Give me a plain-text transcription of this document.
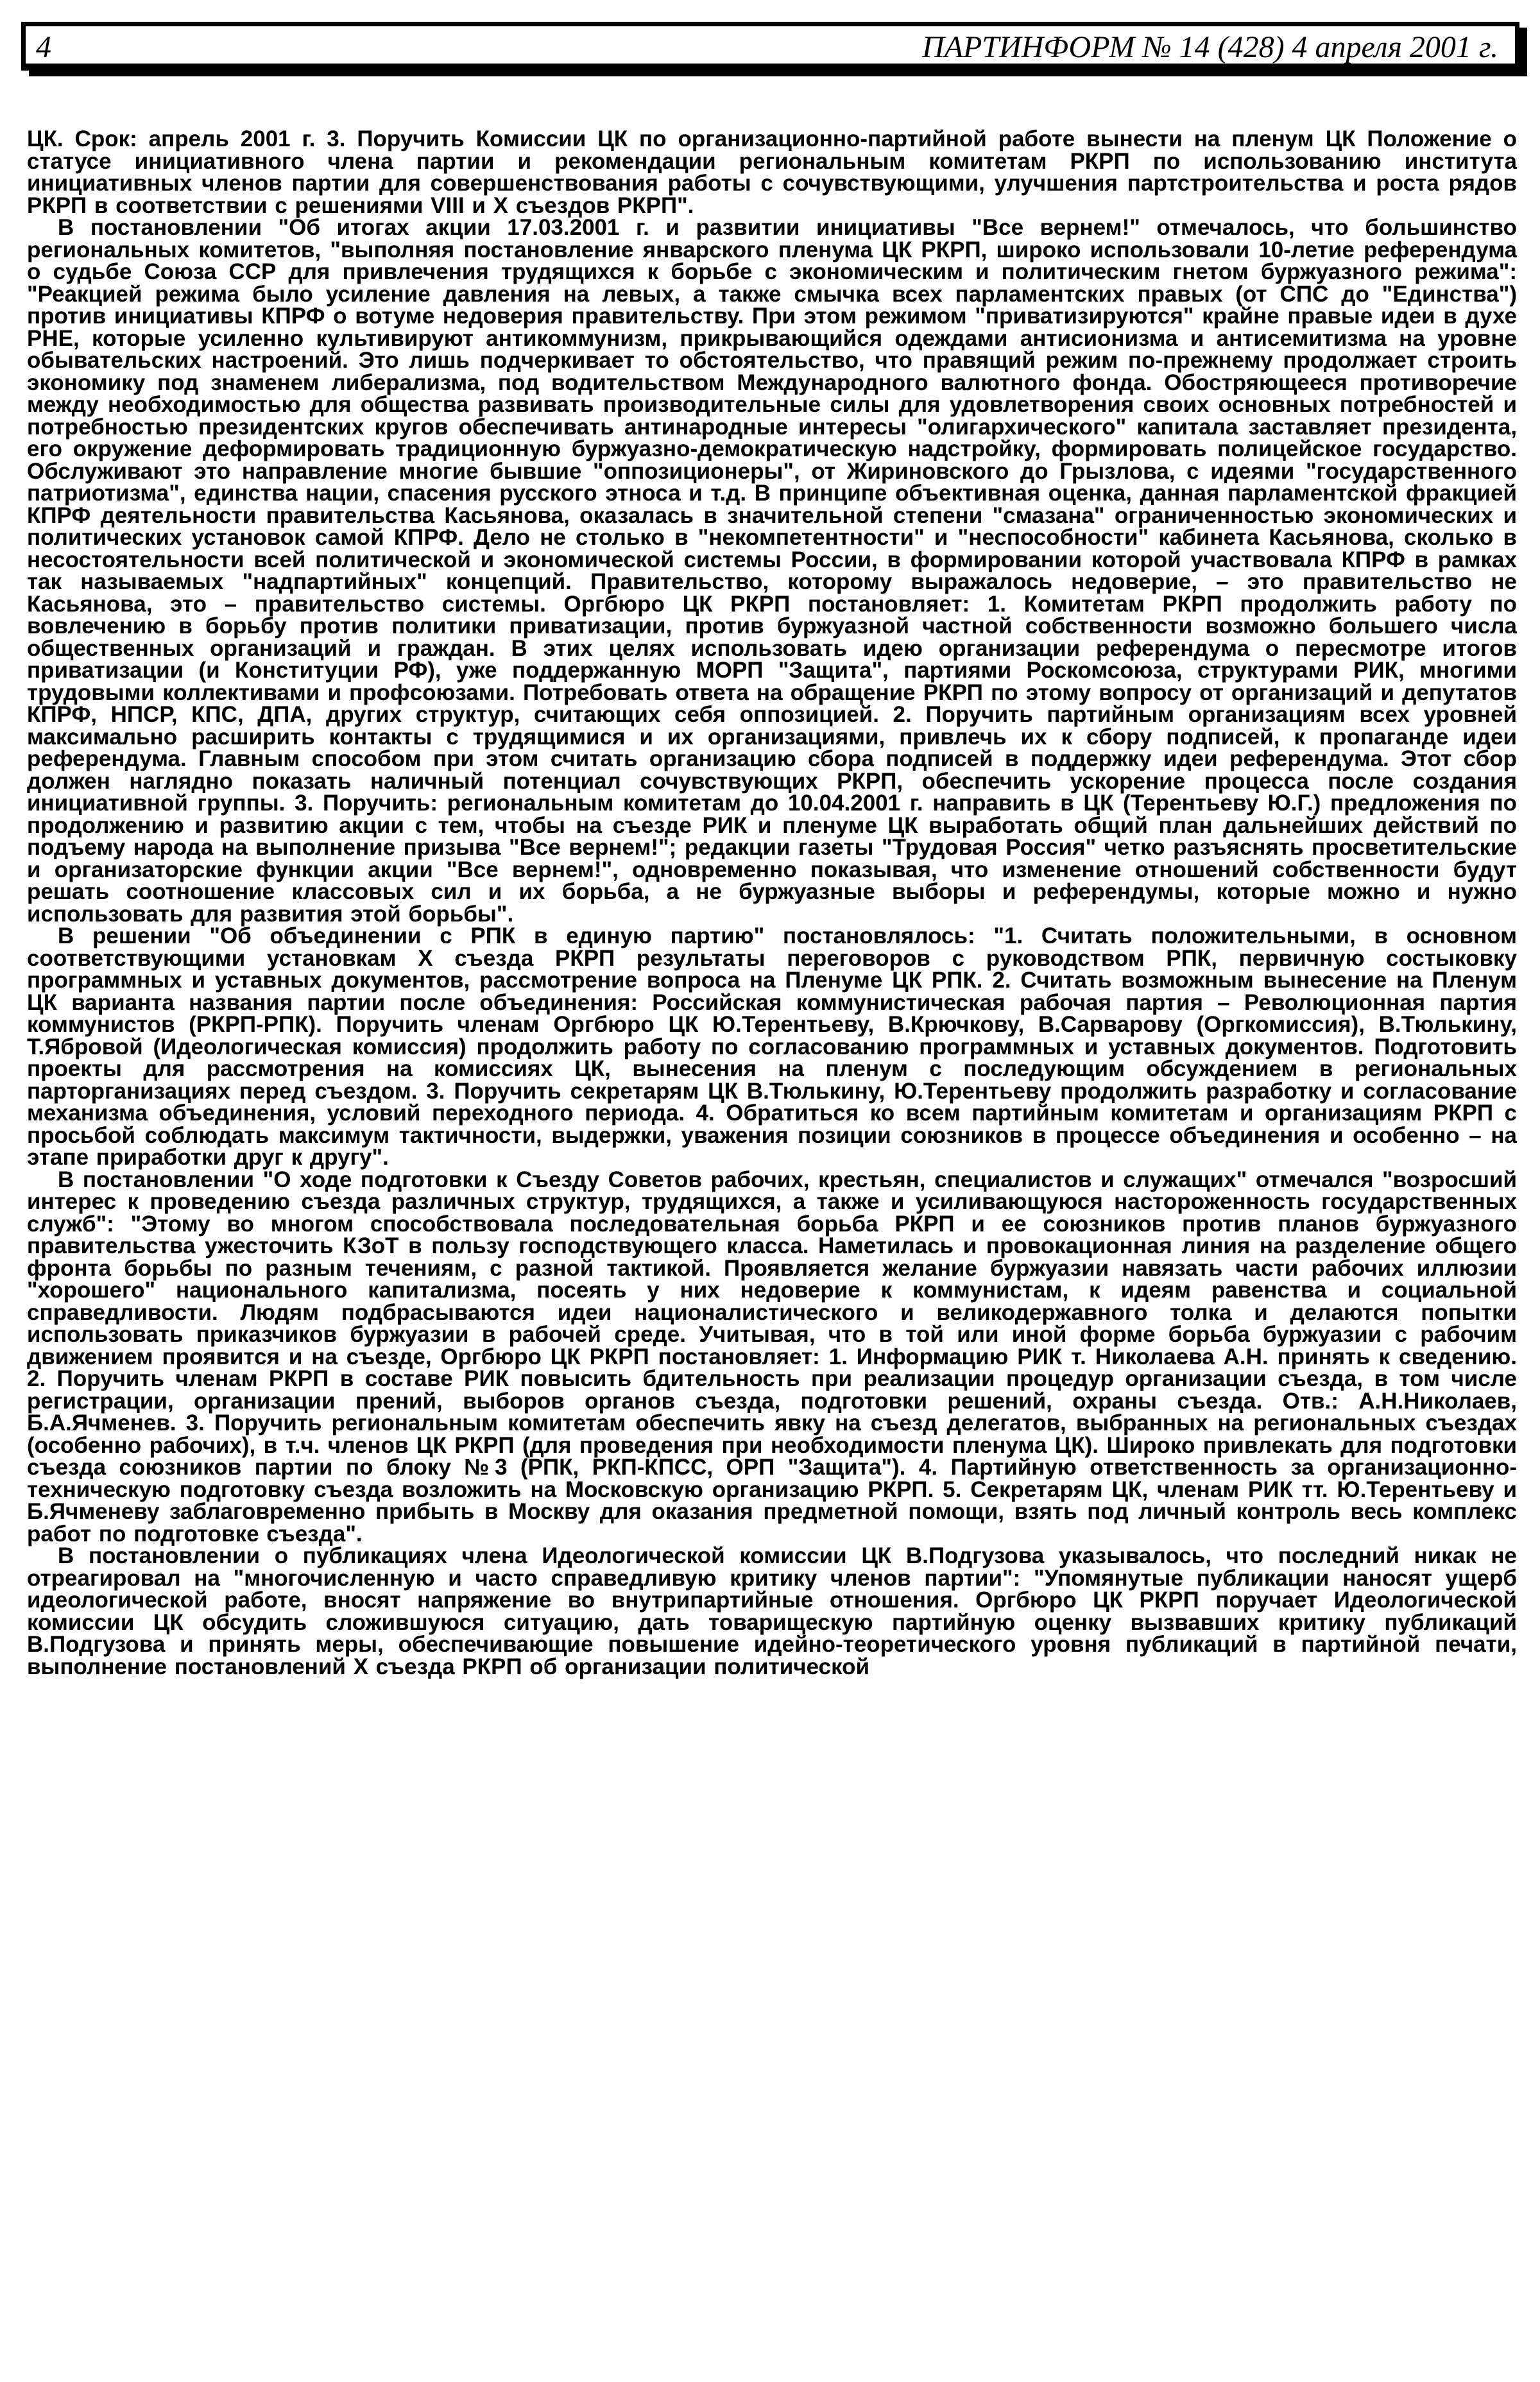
4	ПАРТИНФОРМ № 14 (428) 4 апреля 2001 г.

ЦК. Срок: апрель 2001 г. 3. Поручить Комиссии ЦК по организационно-партийной работе вынести на пленум ЦК Положение о статусе инициативного члена партии и рекомендации региональным комитетам РКРП по использованию института инициативных членов партии для совершенствования работы с сочувствующими, улучшения партстроительства и роста рядов РКРП в соответствии с решениями VIII и X съездов РКРП".

В постановлении "Об итогах акции 17.03.2001 г. и развитии инициативы "Все вернем!" отмечалось, что большинство региональных комитетов, "выполняя постановление январского пленума ЦК РКРП, широко использовали 10-летие референдума о судьбе Союза ССР для привлечения трудящихся к борьбе с экономическим и политическим гнетом буржуазного режима": "Реакцией режима было усиление давления на левых, а также смычка всех парламентских правых (от СПС до "Единства") против инициативы КПРФ о вотуме недоверия правительству. При этом режимом "приватизируются" крайне правые идеи в духе РНЕ, которые усиленно культивируют антикоммунизм, прикрывающийся одеждами антисионизма и антисемитизма на уровне обывательских настроений. Это лишь подчеркивает то обстоятельство, что правящий режим по-прежнему продолжает строить экономику под знаменем либерализма, под водительством Международного валютного фонда. Обостряющееся противоречие между необходимостью для общества развивать производительные силы для удовлетворения своих основных потребностей и потребностью президентских кругов обеспечивать антинародные интересы "олигархического" капитала заставляет президента, его окружение деформировать традиционную буржуазно-демократическую надстройку, формировать полицейское государство. Обслуживают это направление многие бывшие "оппозиционеры", от Жириновского до Грызлова, с идеями "государственного патриотизма", единства нации, спасения русского этноса и т.д. В принципе объективная оценка, данная парламентской фракцией КПРФ деятельности правительства Касьянова, оказалась в значительной степени "смазана" ограниченностью экономических и политических установок самой КПРФ. Дело не столько в "некомпетентности" и "неспособности" кабинета Касьянова, сколько в несостоятельности всей политической и экономической системы России, в формировании которой участвовала КПРФ в рамках так называемых "надпартийных" концепций. Правительство, которому выражалось недоверие, – это правительство не Касьянова, это – правительство системы. Оргбюро ЦК РКРП постановляет: 1. Комитетам РКРП продолжить работу по вовлечению в борьбу против политики приватизации, против буржуазной частной собственности возможно большего числа общественных организаций и граждан. В этих целях использовать идею организации референдума о пересмотре итогов приватизации (и Конституции РФ), уже поддержанную МОРП "Защита", партиями Роскомсоюза, структурами РИК, многими трудовыми коллективами и профсоюзами. Потребовать ответа на обращение РКРП по этому вопросу от организаций и депутатов КПРФ, НПСР, КПС, ДПА, других структур, считающих себя оппозицией. 2. Поручить партийным организациям всех уровней максимально расширить контакты с трудящимися и их организациями, привлечь их к сбору подписей, к пропаганде идеи референдума. Главным способом при этом считать организацию сбора подписей в поддержку идеи референдума. Этот сбор должен наглядно показать наличный потенциал сочувствующих РКРП, обеспечить ускорение процесса после создания инициативной группы. 3. Поручить: региональным комитетам до 10.04.2001 г. направить в ЦК (Терентьеву Ю.Г.) предложения по продолжению и развитию акции с тем, чтобы на съезде РИК и пленуме ЦК выработать общий план дальнейших действий по подъему народа на выполнение призыва "Все вернем!"; редакции газеты "Трудовая Россия" четко разъяснять просветительские и организаторские функции акции "Все вернем!", одновременно показывая, что изменение отношений собственности будут решать соотношение классовых сил и их борьба, а не буржуазные выборы и референдумы, которые можно и нужно использовать для развития этой борьбы".

В решении "Об объединении с РПК в единую партию" постановлялось: "1. Считать положительными, в основном соответствующими установкам X съезда РКРП результаты переговоров с руководством РПК, первичную состыковку программных и уставных документов, рассмотрение вопроса на Пленуме ЦК РПК. 2. Считать возможным вынесение на Пленум ЦК варианта названия партии после объединения: Российская коммунистическая рабочая партия – Революционная партия коммунистов (РКРП-РПК). Поручить членам Оргбюро ЦК Ю.Терентьеву, В.Крючкову, В.Сарварову (Оргкомиссия), В.Тюлькину, Т.Ябровой (Идеологическая комиссия) продолжить работу по согласованию программных и уставных документов. Подготовить проекты для рассмотрения на комиссиях ЦК, вынесения на пленум с последующим обсуждением в региональных парторганизациях перед съездом. 3. Поручить секретарям ЦК В.Тюлькину, Ю.Терентьеву продолжить разработку и согласование механизма объединения, условий переходного периода. 4. Обратиться ко всем партийным комитетам и организациям РКРП с просьбой соблюдать максимум тактичности, выдержки, уважения позиции союзников в процессе объединения и особенно – на этапе приработки друг к другу".

В постановлении "О ходе подготовки к Съезду Советов рабочих, крестьян, специалистов и служащих" отмечался "возросший интерес к проведению съезда различных структур, трудящихся, а также и усиливающуюся настороженность государственных служб": "Этому во многом способствовала последовательная борьба РКРП и ее союзников против планов буржуазного правительства ужесточить КЗоТ в пользу господствующего класса. Наметилась и провокационная линия на разделение общего фронта борьбы по разным течениям, с разной тактикой. Проявляется желание буржуазии навязать части рабочих иллюзии "хорошего" национального капитализма, посеять у них недоверие к коммунистам, к идеям равенства и социальной справедливости. Людям подбрасываются идеи националистического и великодержавного толка и делаются попытки использовать приказчиков буржуазии в рабочей среде. Учитывая, что в той или иной форме борьба буржуазии с рабочим движением проявится и на съезде, Оргбюро ЦК РКРП постановляет: 1. Информацию РИК т. Николаева А.Н. принять к сведению. 2. Поручить членам РКРП в составе РИК повысить бдительность при реализации процедур организации съезда, в том числе регистрации, организации прений, выборов органов съезда, подготовки решений, охраны съезда. Отв.: А.Н.Николаев, Б.А.Ячменев. 3. Поручить региональным комитетам обеспечить явку на съезд делегатов, выбранных на региональных съездах (особенно рабочих), в т.ч. членов ЦК РКРП (для проведения при необходимости пленума ЦК). Широко привлекать для подготовки съезда союзников партии по блоку №3 (РПК, РКП-КПСС, ОРП "Защита"). 4. Партийную ответственность за организационно-техническую подготовку съезда возложить на Московскую организацию РКРП. 5. Секретарям ЦК, членам РИК тт. Ю.Терентьеву и Б.Ячменеву заблаговременно прибыть в Москву для оказания предметной помощи, взять под личный контроль весь комплекс работ по подготовке съезда".

В постановлении о публикациях члена Идеологической комиссии ЦК В.Подгузова указывалось, что последний никак не отреагировал на "многочисленную и часто справедливую критику членов партии": "Упомянутые публикации наносят ущерб идеологической работе, вносят напряжение во внутрипартийные отношения. Оргбюро ЦК РКРП поручает Идеологической комиссии ЦК обсудить сложившуюся ситуацию, дать товарищескую партийную оценку вызвавших критику публикаций В.Подгузова и принять меры, обеспечивающие повышение идейно-теоретического уровня публикаций в партийной печати, выполнение постановлений X съезда РКРП об организации политической
